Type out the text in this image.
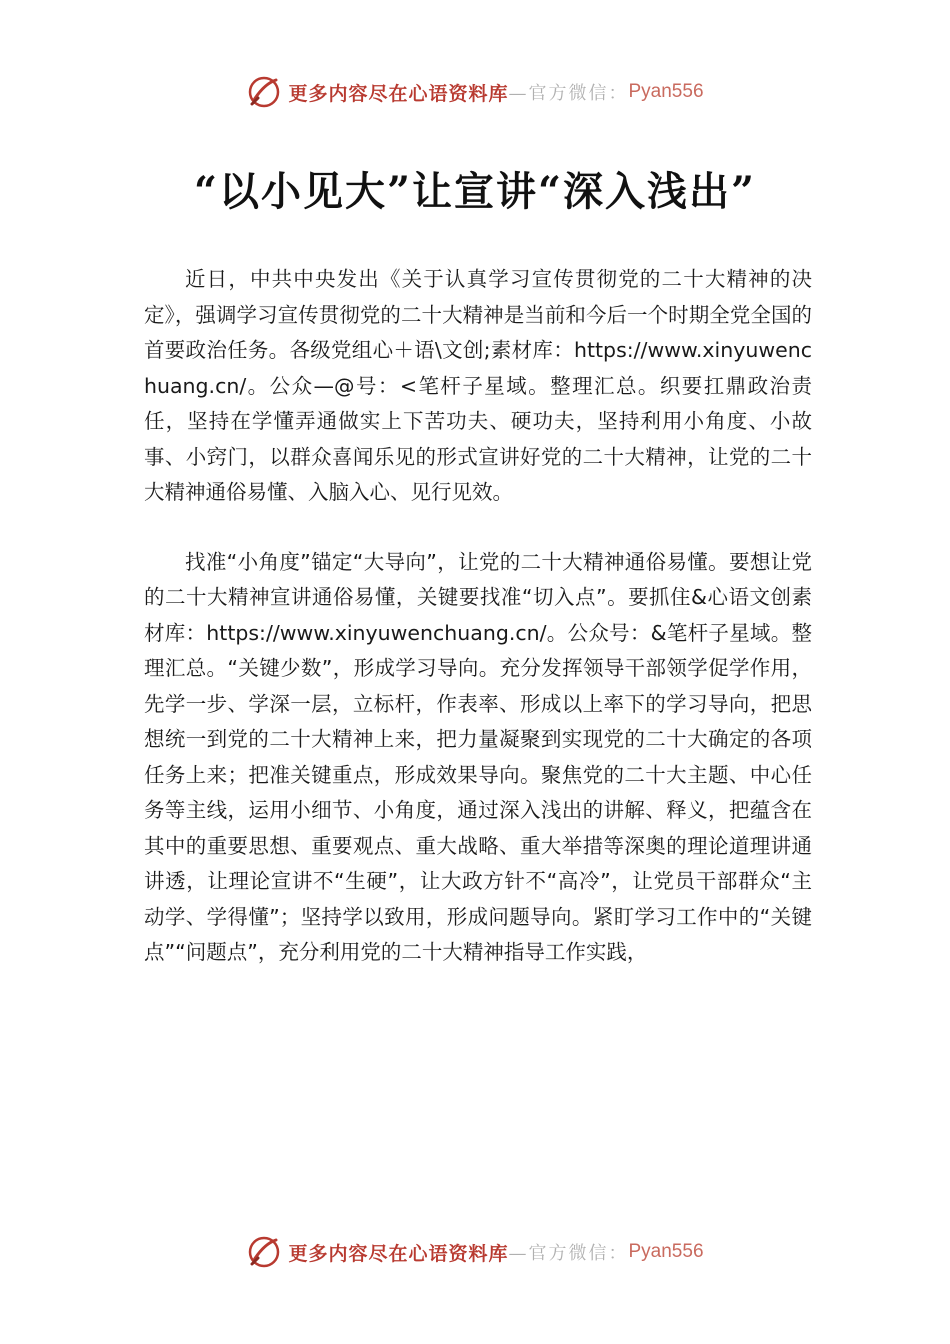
更多内容尽在心语资料库 —官方微信： Pyan556
“以小见大”让宣讲“深入浅出”

近日，中共中央发出《关于认真学习宣传贯彻党的二十大精神的决定》，强调学习宣传贯彻党的二十大精神是当前和今后一个时期全党全国的首要政治任务。各级党组心＋语\文创;素材库：https://www.xinyuwenchuang.cn/。公众—@号：<笔杆子星域。整理汇总。织要扛鼎政治责任，坚持在学懂弄通做实上下苦功夫、硬功夫，坚持利用小角度、小故事、小窍门，以群众喜闻乐见的形式宣讲好党的二十大精神，让党的二十大精神通俗易懂、入脑入心、见行见效。

找准“小角度”锚定“大导向”，让党的二十大精神通俗易懂。要想让党的二十大精神宣讲通俗易懂，关键要找准“切入点”。要抓住&心语文创素材库：https://www.xinyuwenchuang.cn/。公众号：&笔杆子星域。整理汇总。“关键少数”，形成学习导向。充分发挥领导干部领学促学作用，先学一步、学深一层，立标杆，作表率、形成以上率下的学习导向，把思想统一到党的二十大精神上来，把力量凝聚到实现党的二十大确定的各项任务上来；把准关键重点，形成效果导向。聚焦党的二十大主题、中心任务等主线，运用小细节、小角度，通过深入浅出的讲解、释义，把蕴含在其中的重要思想、重要观点、重大战略、重大举措等深奥的理论道理讲通讲透，让理论宣讲不“生硬”，让大政方针不“高冷”，让党员干部群众“主动学、学得懂”；坚持学以致用，形成问题导向。紧盯学习工作中的“关键点”“问题点”，充分利用党的二十大精神指导工作实践，

更多内容尽在心语资料库 —官方微信： Pyan556
